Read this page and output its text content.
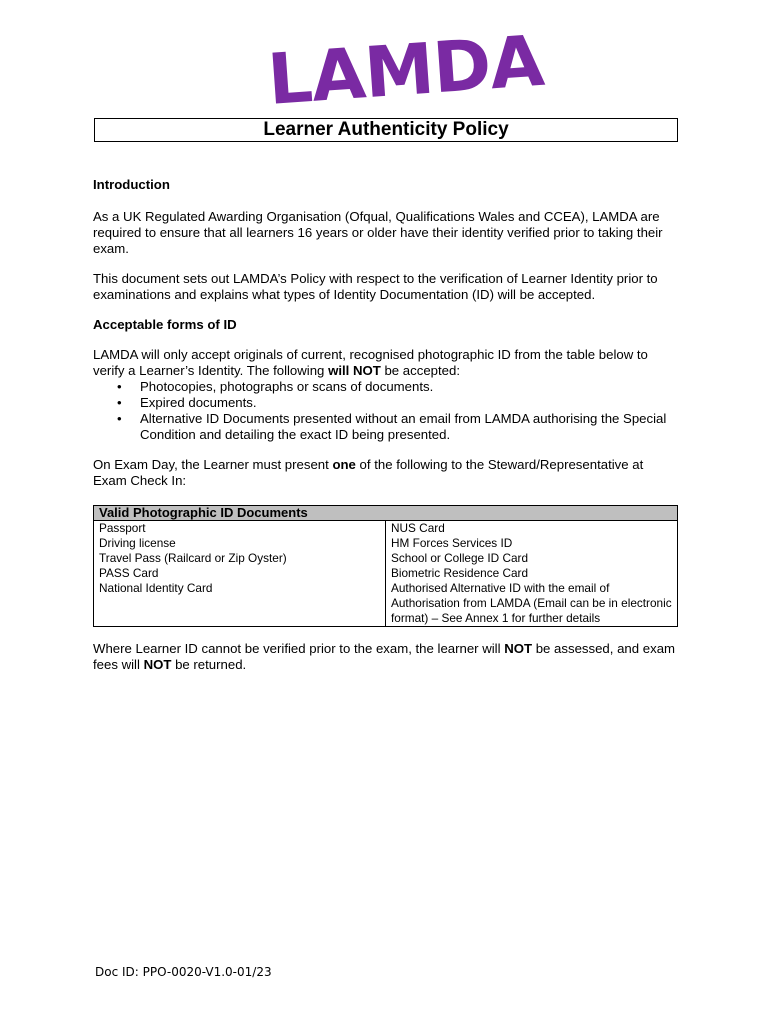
LAMDA
Learner Authenticity Policy
Introduction

As a UK Regulated Awarding Organisation (Ofqual, Qualifications Wales and CCEA), LAMDA are required to ensure that all learners 16 years or older have their identity verified prior to taking their exam.

This document sets out LAMDA’s Policy with respect to the verification of Learner Identity prior to examinations and explains what types of Identity Documentation (ID) will be accepted.

Acceptable forms of ID

LAMDA will only accept originals of current, recognised photographic ID from the table below to verify a Learner’s Identity. The following will NOT be accepted:

• Photocopies, photographs or scans of documents.
• Expired documents.
• Alternative ID Documents presented without an email from LAMDA authorising the Special Condition and detailing the exact ID being presented.

On Exam Day, the Learner must present one of the following to the Steward/Representative at Exam Check In:

Valid Photographic ID Documents

Passport
Driving license
Travel Pass (Railcard or Zip Oyster)
PASS Card
National Identity Card

NUS Card
HM Forces Services ID
School or College ID Card
Biometric Residence Card
Authorised Alternative ID with the email of Authorisation from LAMDA (Email can be in electronic format) – See Annex 1 for further details

Where Learner ID cannot be verified prior to the exam, the learner will NOT be assessed, and exam fees will NOT be returned.

Doc ID: PPO-0020-V1.0-01/23
